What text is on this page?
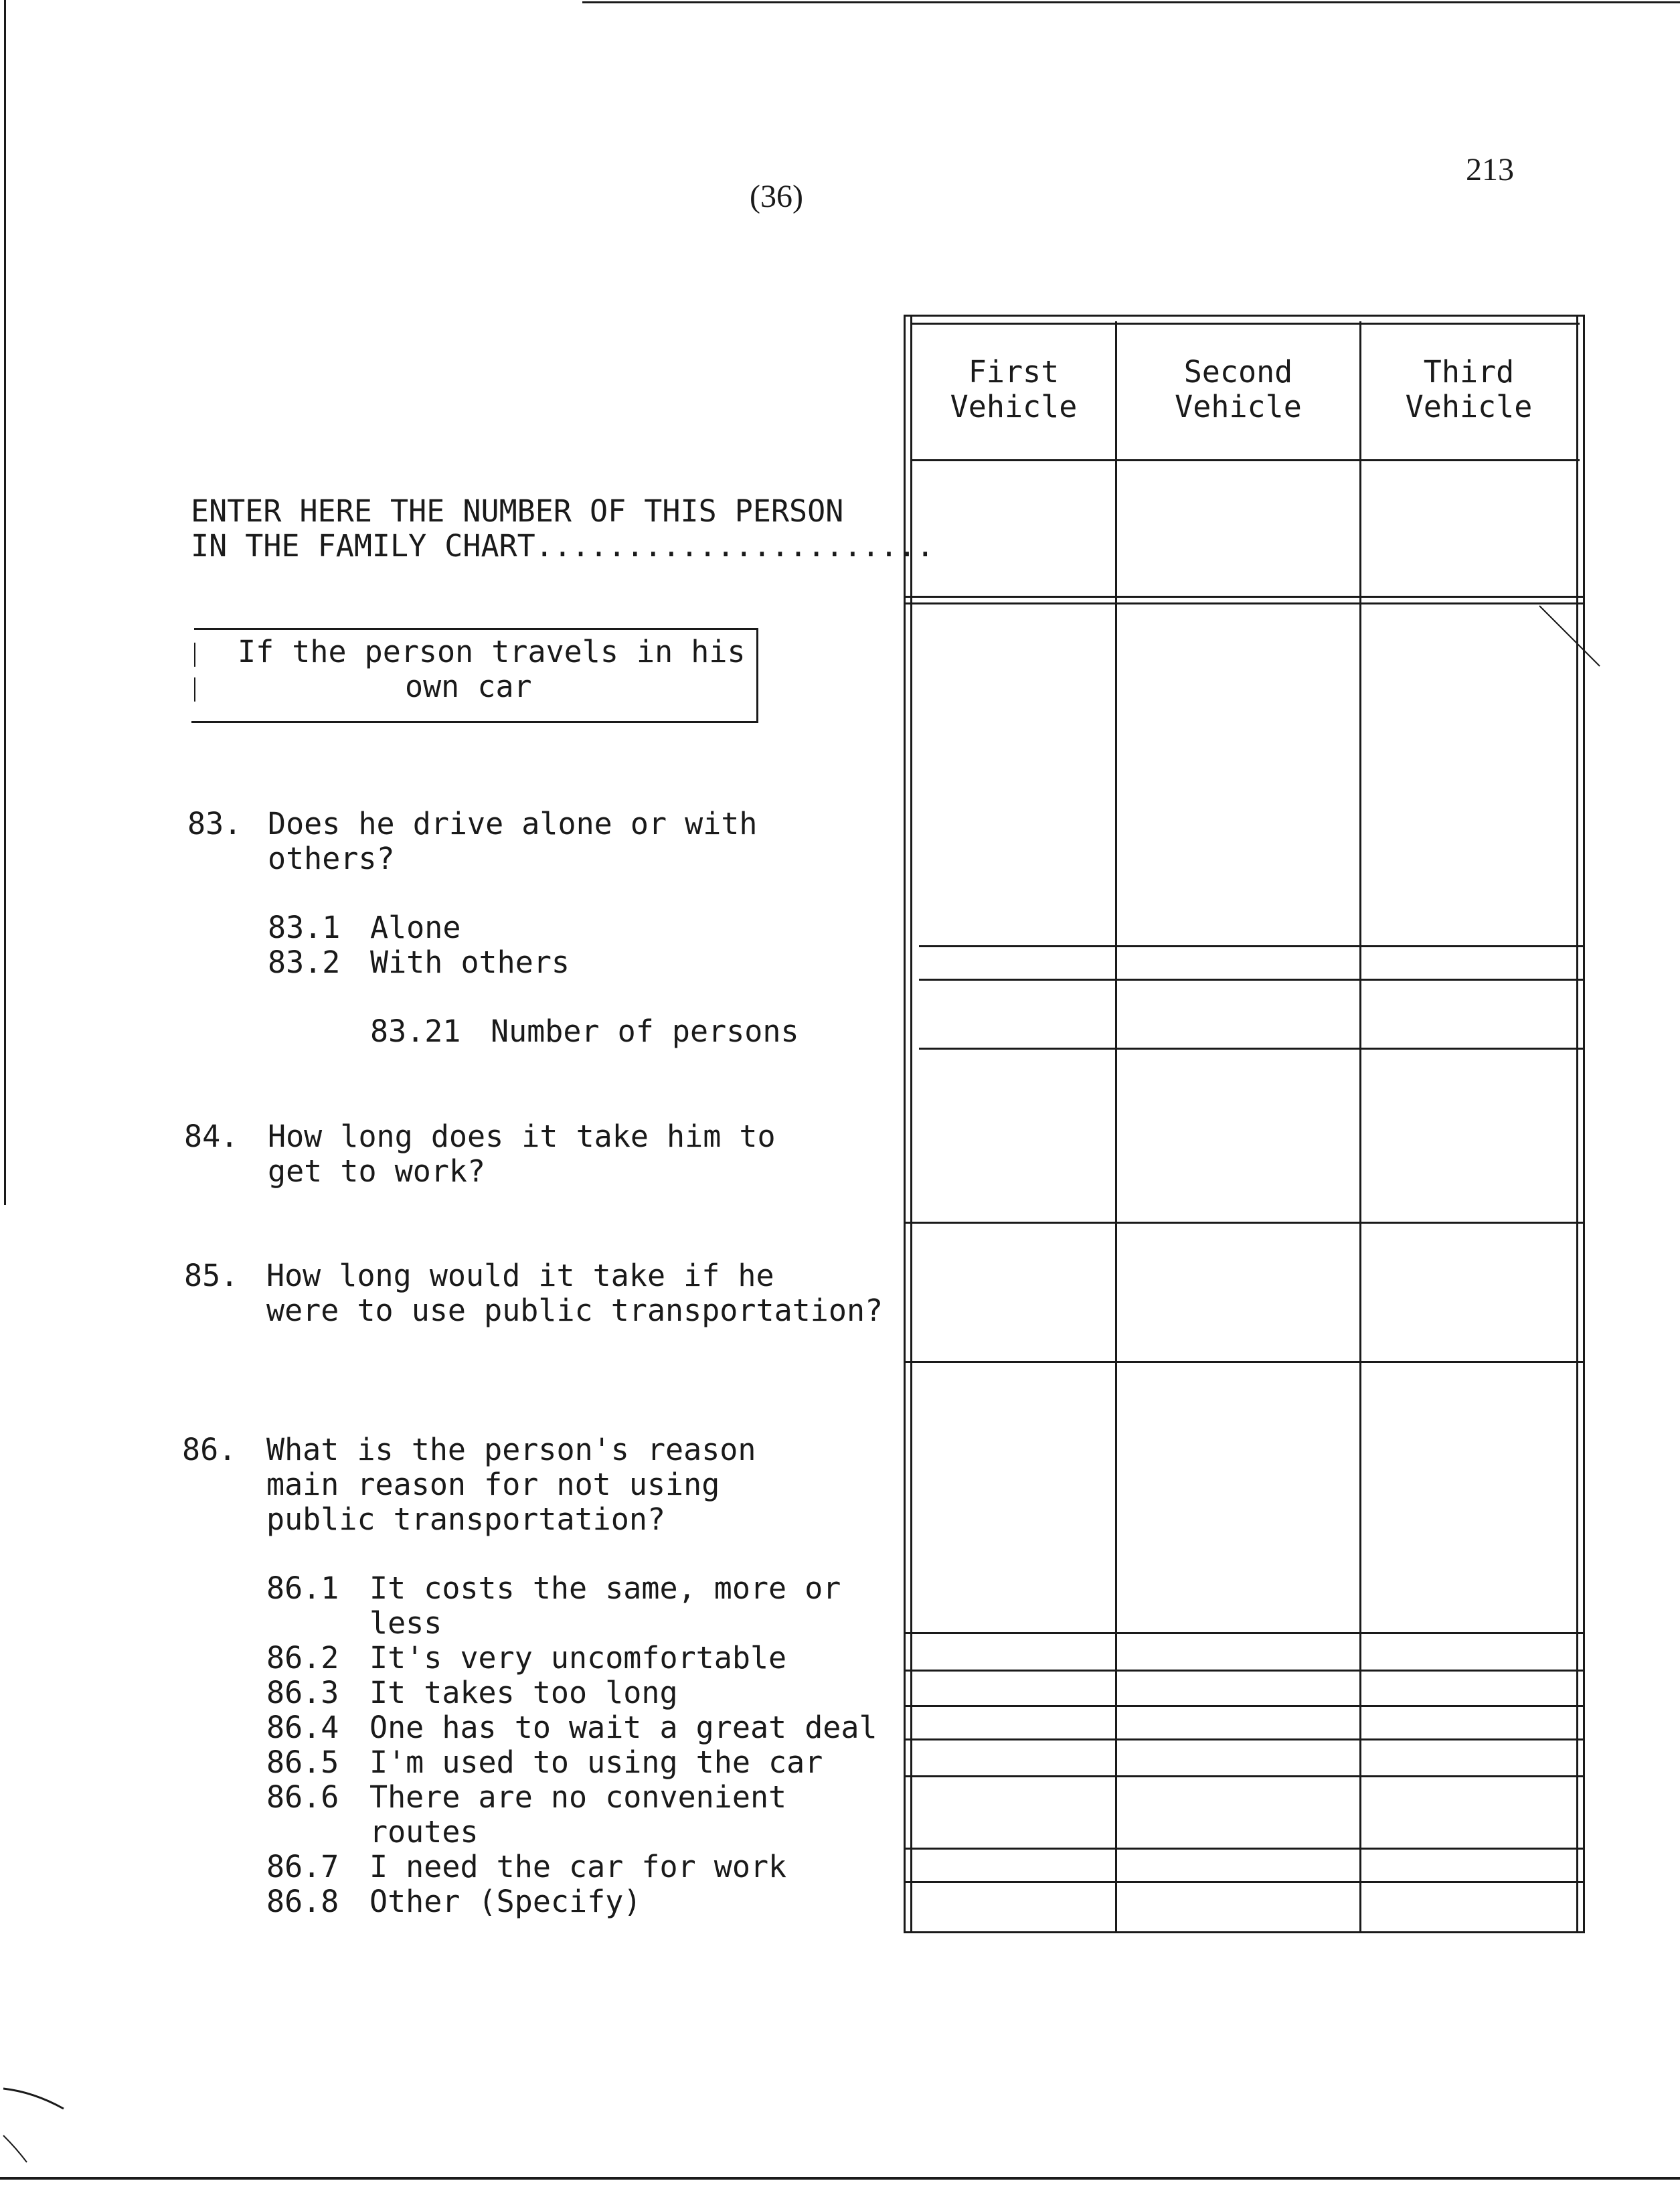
(36)
213
First
Vehicle
Second
Vehicle
Third
Vehicle
ENTER HERE THE NUMBER OF THIS PERSON
IN THE FAMILY CHART......................
If the person travels in his
own car
83. Does he drive alone or with
others?
83.1 Alone
83.2 With others
83.21 Number of persons
84. How long does it take him to
get to work?
85. How long would it take if he
were to use public transportation?
86. What is the person's reason
main reason for not using
public transportation?
86.1 It costs the same, more or
less
86.2 It's very uncomfortable
86.3 It takes too long
86.4 One has to wait a great deal
86.5 I'm used to using the car
86.6 There are no convenient
routes
86.7 I need the car for work
86.8 Other (Specify)
